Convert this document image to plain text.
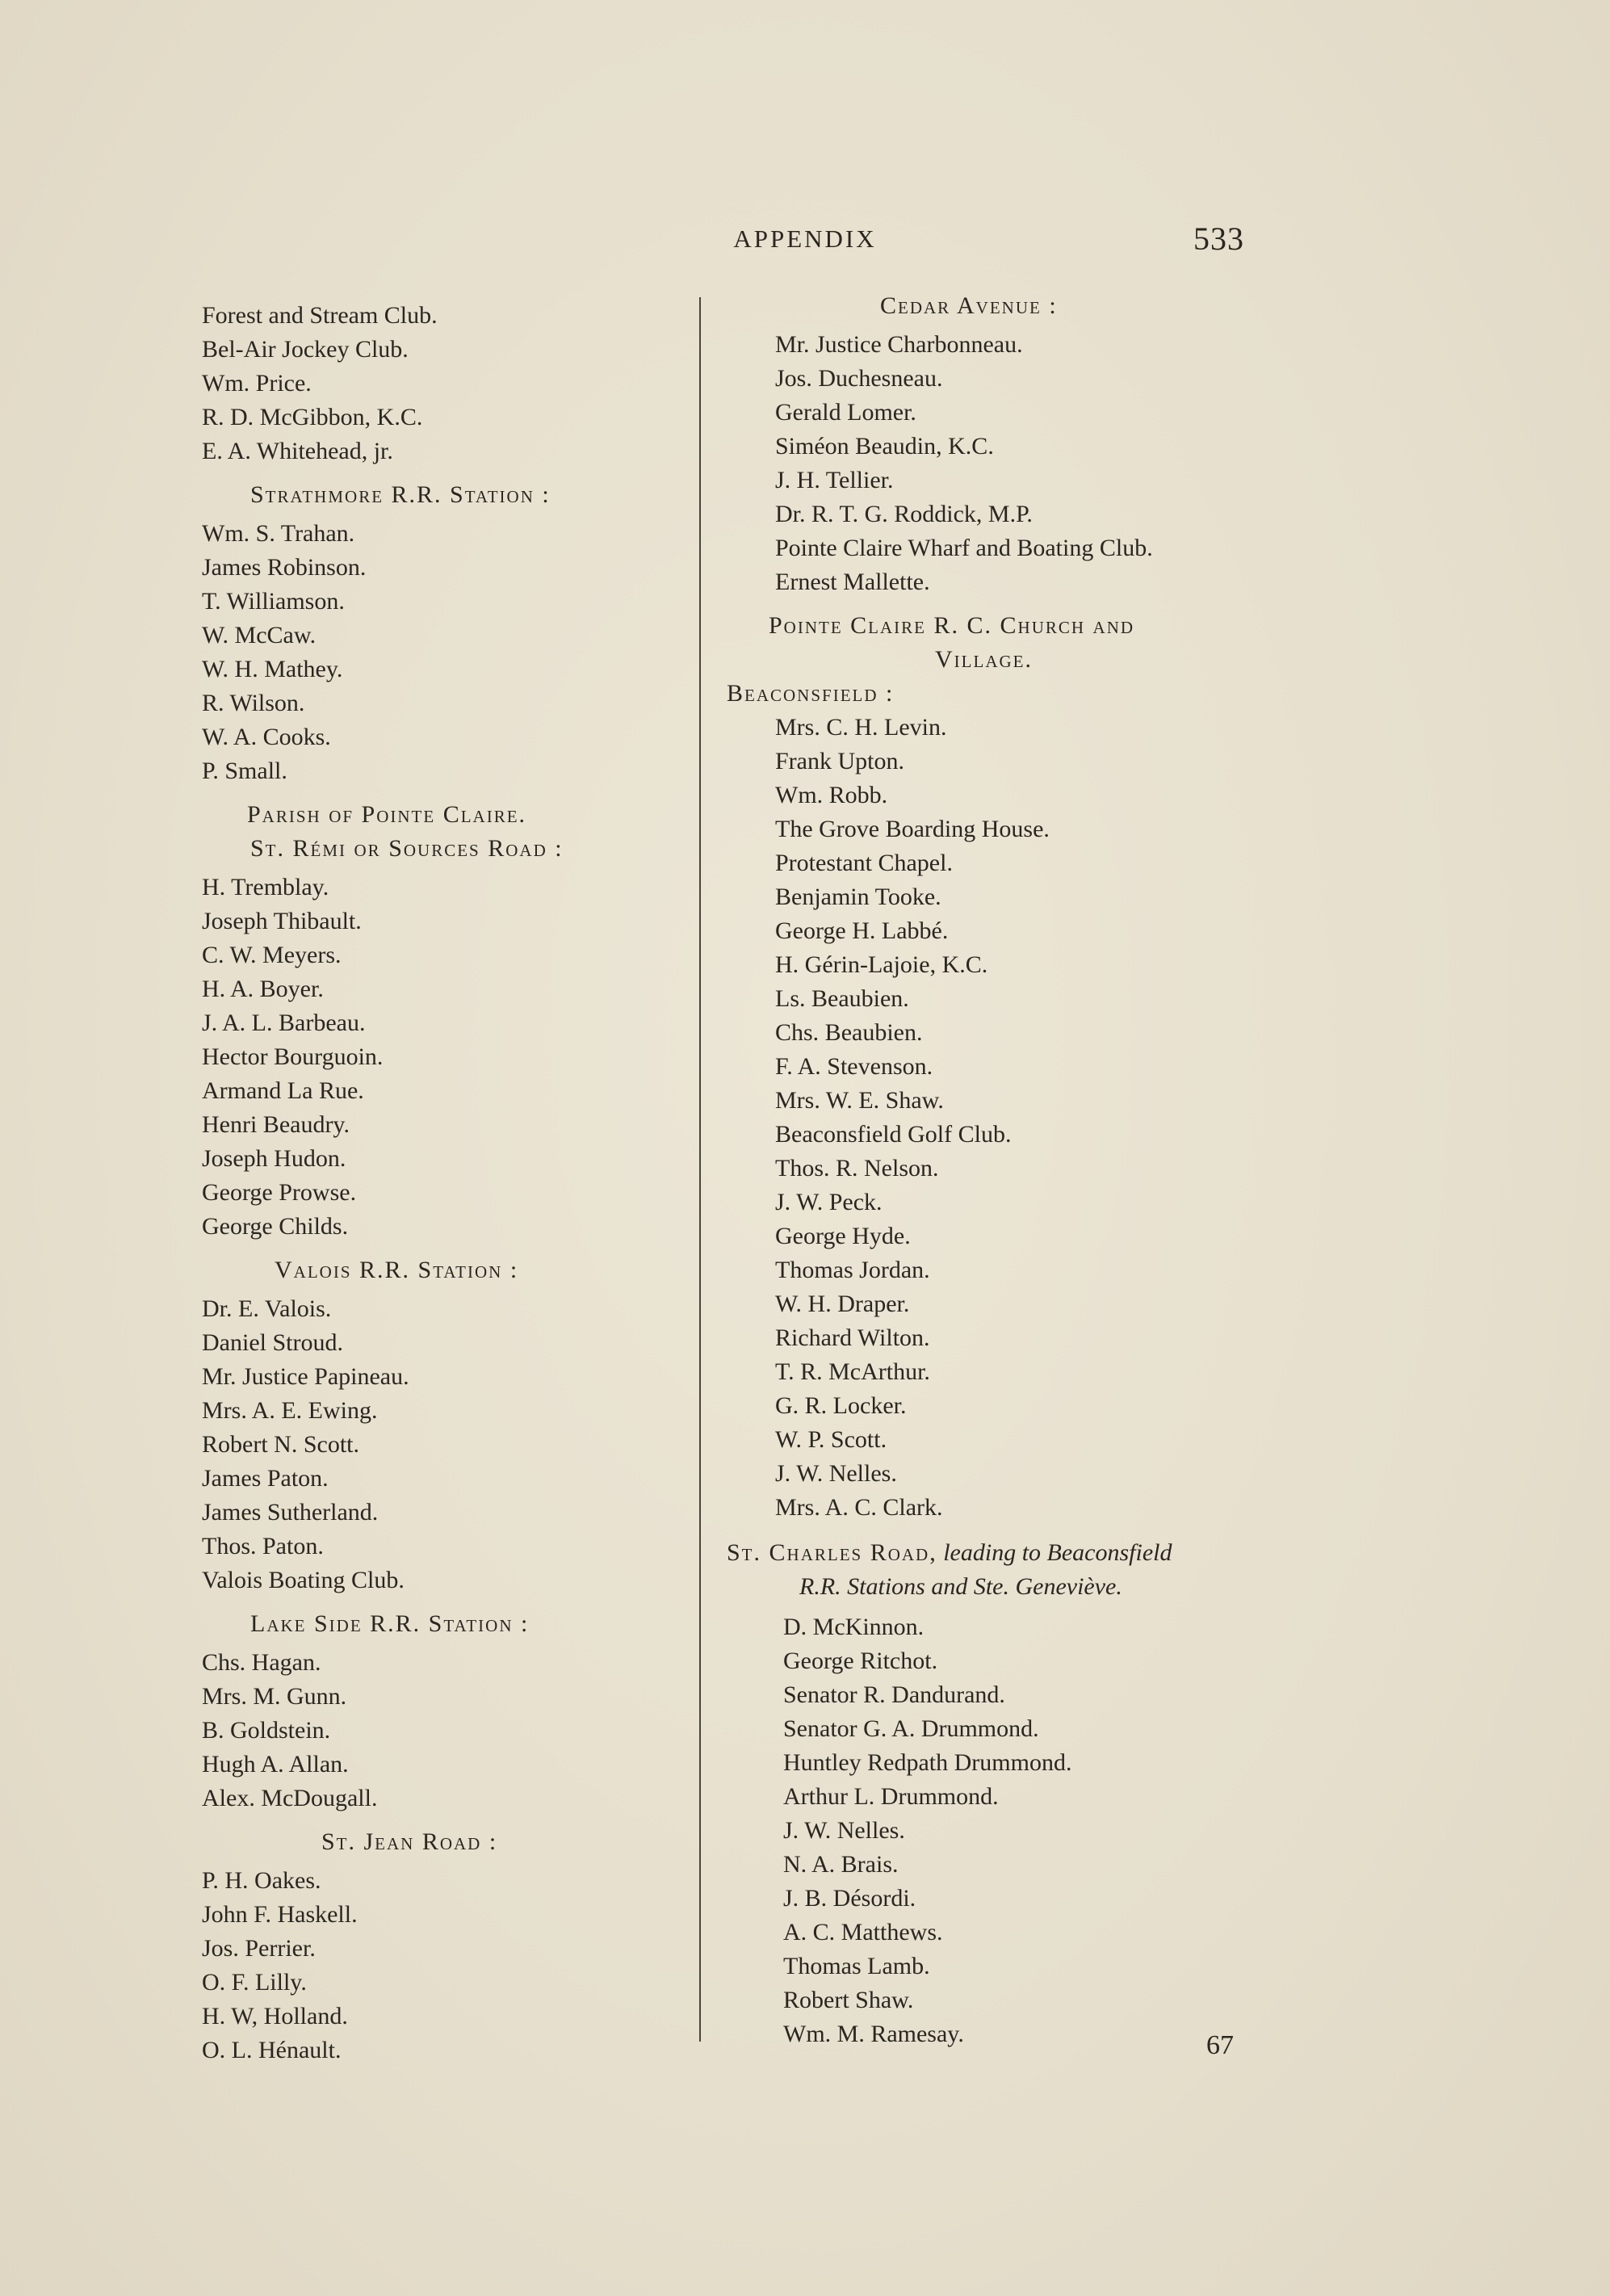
APPENDIX	533
Forest and Stream Club.
Bel-Air Jockey Club.
Wm. Price.
R. D. McGibbon, K.C.
E. A. Whitehead, jr.
Strathmore R.R. Station :
Wm. S. Trahan.
James Robinson.
T. Williamson.
W. McCaw.
W. H. Mathey.
R. Wilson.
W. A. Cooks.
P. Small.
Parish of Pointe Claire.
St. Rémi or Sources Road :
H. Tremblay.
Joseph Thibault.
C. W. Meyers.
H. A. Boyer.
J. A. L. Barbeau.
Hector Bourguoin.
Armand La Rue.
Henri Beaudry.
Joseph Hudon.
George Prowse.
George Childs.
Valois R.R. Station :
Dr. E. Valois.
Daniel Stroud.
Mr. Justice Papineau.
Mrs. A. E. Ewing.
Robert N. Scott.
James Paton.
James Sutherland.
Thos. Paton.
Valois Boating Club.
Lake Side R.R. Station :
Chs. Hagan.
Mrs. M. Gunn.
B. Goldstein.
Hugh A. Allan.
Alex. McDougall.
St. Jean Road :
P. H. Oakes.
John F. Haskell.
Jos. Perrier.
O. F. Lilly.
H. W, Holland.
O. L. Hénault.
Cedar Avenue :
Mr. Justice Charbonneau.
Jos. Duchesneau.
Gerald Lomer.
Siméon Beaudin, K.C.
J. H. Tellier.
Dr. R. T. G. Roddick, M.P.
Pointe Claire Wharf and Boating Club.
Ernest Mallette.
Pointe Claire R. C. Church and
Village.
Beaconsfield :
Mrs. C. H. Levin.
Frank Upton.
Wm. Robb.
The Grove Boarding House.
Protestant Chapel.
Benjamin Tooke.
George H. Labbé.
H. Gérin-Lajoie, K.C.
Ls. Beaubien.
Chs. Beaubien.
F. A. Stevenson.
Mrs. W. E. Shaw.
Beaconsfield Golf Club.
Thos. R. Nelson.
J. W. Peck.
George Hyde.
Thomas Jordan.
W. H. Draper.
Richard Wilton.
T. R. McArthur.
G. R. Locker.
W. P. Scott.
J. W. Nelles.
Mrs. A. C. Clark.
St. Charles Road, leading to Beaconsfield
R.R. Stations and Ste. Geneviève.
D. McKinnon.
George Ritchot.
Senator R. Dandurand.
Senator G. A. Drummond.
Huntley Redpath Drummond.
Arthur L. Drummond.
J. W. Nelles.
N. A. Brais.
J. B. Désordi.
A. C. Matthews.
Thomas Lamb.
Robert Shaw.
Wm. M. Ramesay.	67
